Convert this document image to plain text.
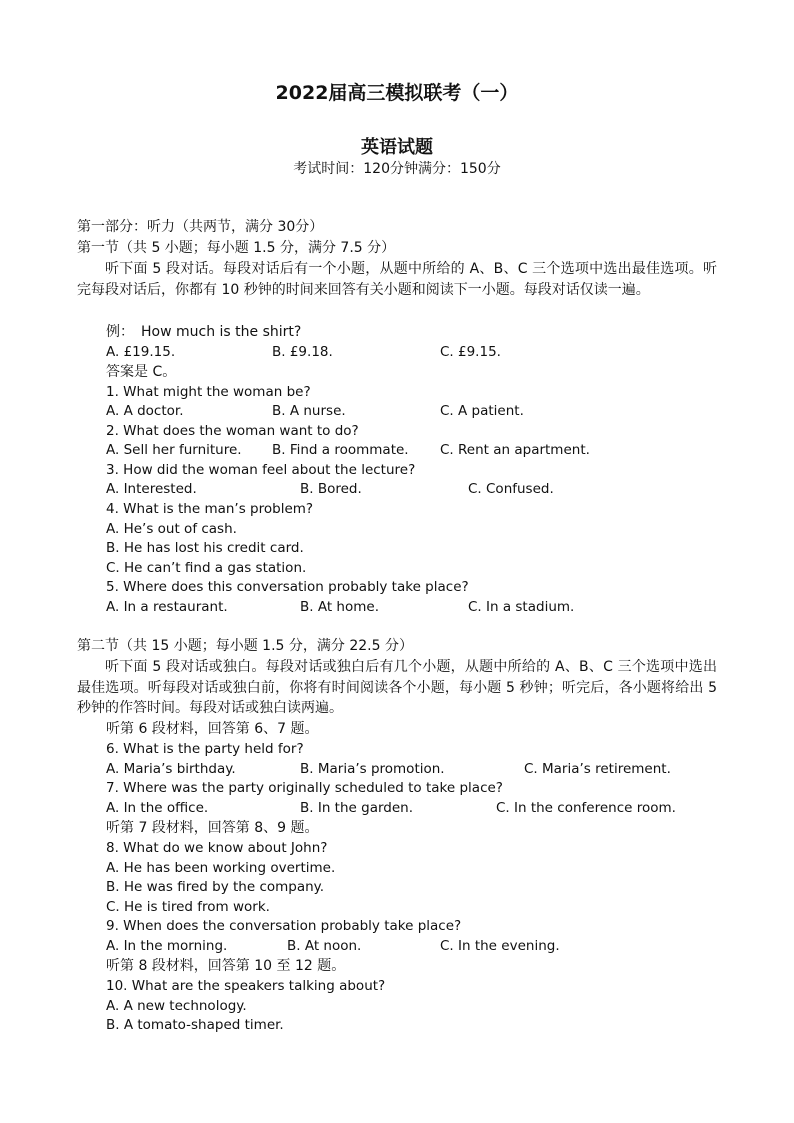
2022届高三模拟联考（一）
英语试题
考试时间：120分钟满分：150分
第一部分：听力（共两节，满分 30分）
第一节（共 5 小题；每小题 1.5 分，满分 7.5 分）
听下面 5 段对话。每段对话后有一个小题，从题中所给的 A、B、C 三个选项中选出最佳选项。听完每段对话后，你都有 10 秒钟的时间来回答有关小题和阅读下一小题。每段对话仅读一遍。
例：　How much is the shirt?
A. £19.15.	B. £9.18.	C. £9.15.
答案是 C。
1. What might the woman be?
A. A doctor.	B. A nurse.	C. A patient.
2. What does the woman want to do?
A. Sell her furniture. B. Find a roommate. C. Rent an apartment.
3. How did the woman feel about the lecture?
A. Interested.	B. Bored.	C. Confused.
4. What is the man’s problem?
A. He’s out of cash.
B. He has lost his credit card.
C. He can’t find a gas station.
5. Where does this conversation probably take place?
A. In a restaurant.	B. At home.	C. In a stadium.
第二节（共 15 小题；每小题 1.5 分，满分 22.5 分）
听下面 5 段对话或独白。每段对话或独白后有几个小题，从题中所给的 A、B、C 三个选项中选出最佳选项。听每段对话或独白前，你将有时间阅读各个小题，每小题 5 秒钟；听完后，各小题将给出 5 秒钟的作答时间。每段对话或独白读两遍。
听第 6 段材料，回答第 6、7 题。
6. What is the party held for?
A. Maria’s birthday.	B. Maria’s promotion.	C. Maria’s retirement.
7. Where was the party originally scheduled to take place?
A. In the office.	B. In the garden.	C. In the conference room.
听第 7 段材料，回答第 8、9 题。
8. What do we know about John?
A. He has been working overtime.
B. He was fired by the company.
C. He is tired from work.
9. When does the conversation probably take place?
A. In the morning.	B. At noon.	C. In the evening.
听第 8 段材料，回答第 10 至 12 题。
10. What are the speakers talking about?
A. A new technology.
B. A tomato-shaped timer.
